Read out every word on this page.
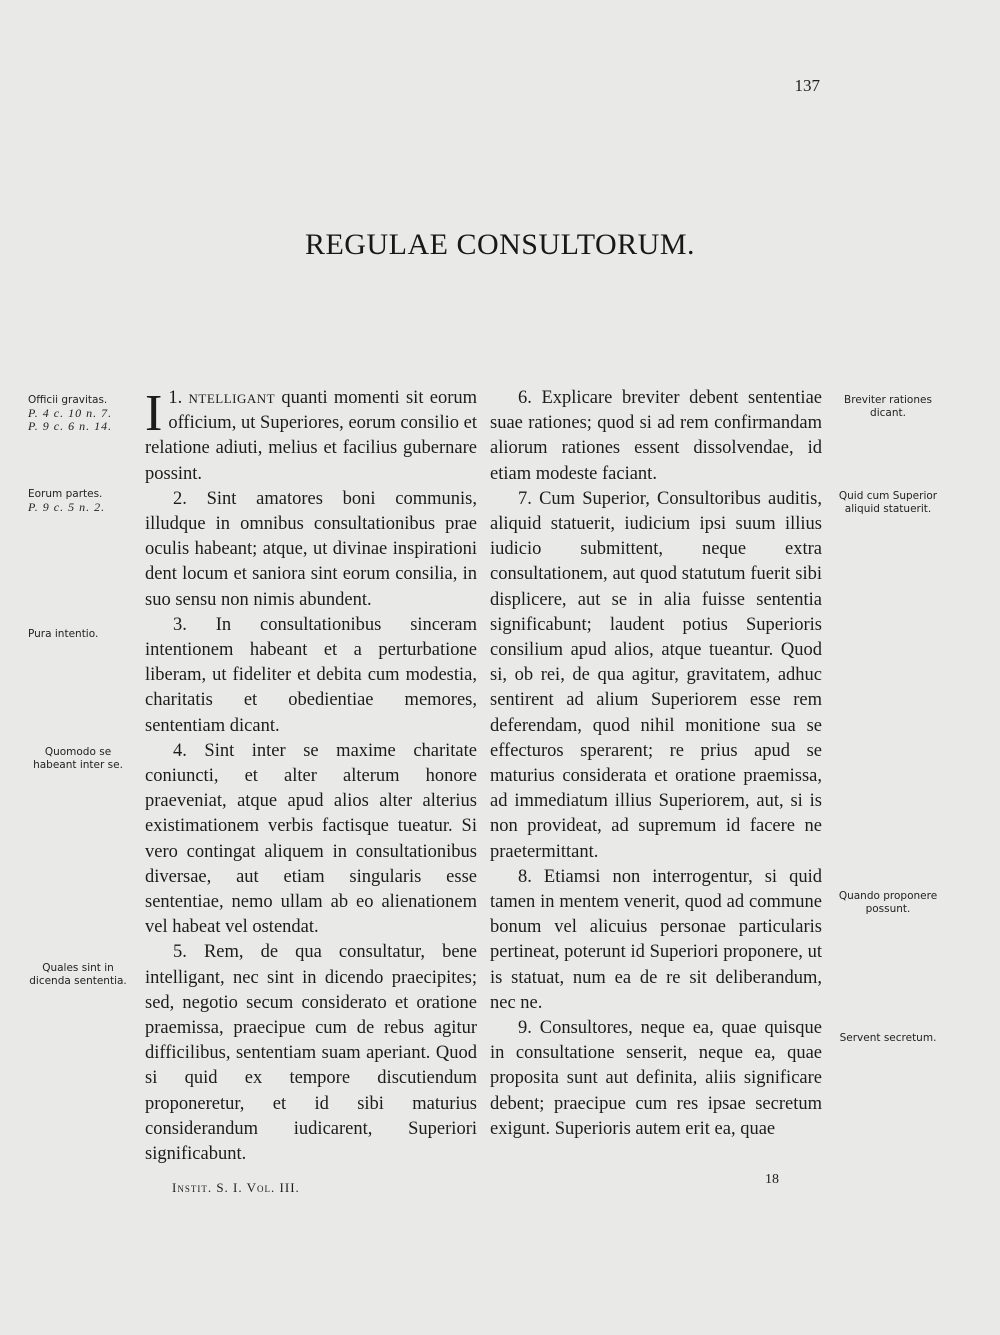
137
REGULAE CONSULTORUM.

1.
I ntelligant quanti momenti sit eorum officium, ut Superiores, eorum consilio et relatione adiuti, melius et facilius gubernare possint.

2. Sint amatores boni communis, illudque in omnibus consultationibus prae oculis habeant; atque, ut divinae inspirationi dent locum et saniora sint eorum consilia, in suo sensu non nimis abundent.

3. In consultationibus sinceram intentionem habeant et a perturbatione liberam, ut fideliter et debita cum modestia, charitatis et obedientiae memores, sententiam dicant.

4. Sint inter se maxime charitate coniuncti, et alter alterum honore praeveniat, atque apud alios alter alterius existimationem verbis factisque tueatur. Si vero contingat aliquem in consultationibus diversae, aut etiam singularis esse sententiae, nemo ullam ab eo alienationem vel habeat vel ostendat.

5. Rem, de qua consultatur, bene intelligant, nec sint in dicendo praecipites; sed, negotio secum considerato et oratione praemissa, praecipue cum de rebus agitur difficilibus, sententiam suam aperiant. Quod si quid ex tempore discutiendum proponeretur, et id sibi maturius considerandum iudicarent, Superiori significabunt.

6. Explicare breviter debent sententiae suae rationes; quod si ad rem confirmandam aliorum rationes essent dissolvendae, id etiam modeste faciant.

7. Cum Superior, Consultoribus auditis, aliquid statuerit, iudicium ipsi suum illius iudicio submittent, neque extra consultationem, aut quod statutum fuerit sibi displicere, aut se in alia fuisse sententia significabunt; laudent potius Superioris consilium apud alios, atque tueantur. Quod si, ob rei, de qua agitur, gravitatem, adhuc sentirent ad alium Superiorem esse rem deferendam, quod nihil monitione sua se effecturos sperarent; re prius apud se maturius considerata et oratione praemissa, ad immediatum illius Superiorem, aut, si is non provideat, ad supremum id facere ne praetermittant.

8. Etiamsi non interrogentur, si quid tamen in mentem venerit, quod ad commune bonum vel alicuius personae particularis pertineat, poterunt id Superiori proponere, ut is statuat, num ea de re sit deliberandum, nec ne.

9. Consultores, neque ea, quae quisque in consultatione senserit, neque ea, quae proposita sunt aut definita, aliis significare debent; praecipue cum res ipsae secretum exigunt. Superioris autem erit ea, quae

Officii gravitas.
P. 4 c. 10 n. 7.
P. 9 c. 6 n. 14.
Eorum partes.
P. 9 c. 5 n. 2.
Pura intentio.
Quomodo se habeant inter se.
Quales sint in dicenda sententia.
Breviter rationes dicant.
Quid cum Superior aliquid statuerit.
Quando proponere possunt.
Servent secretum.
Instit. S. I. Vol. III.
18
